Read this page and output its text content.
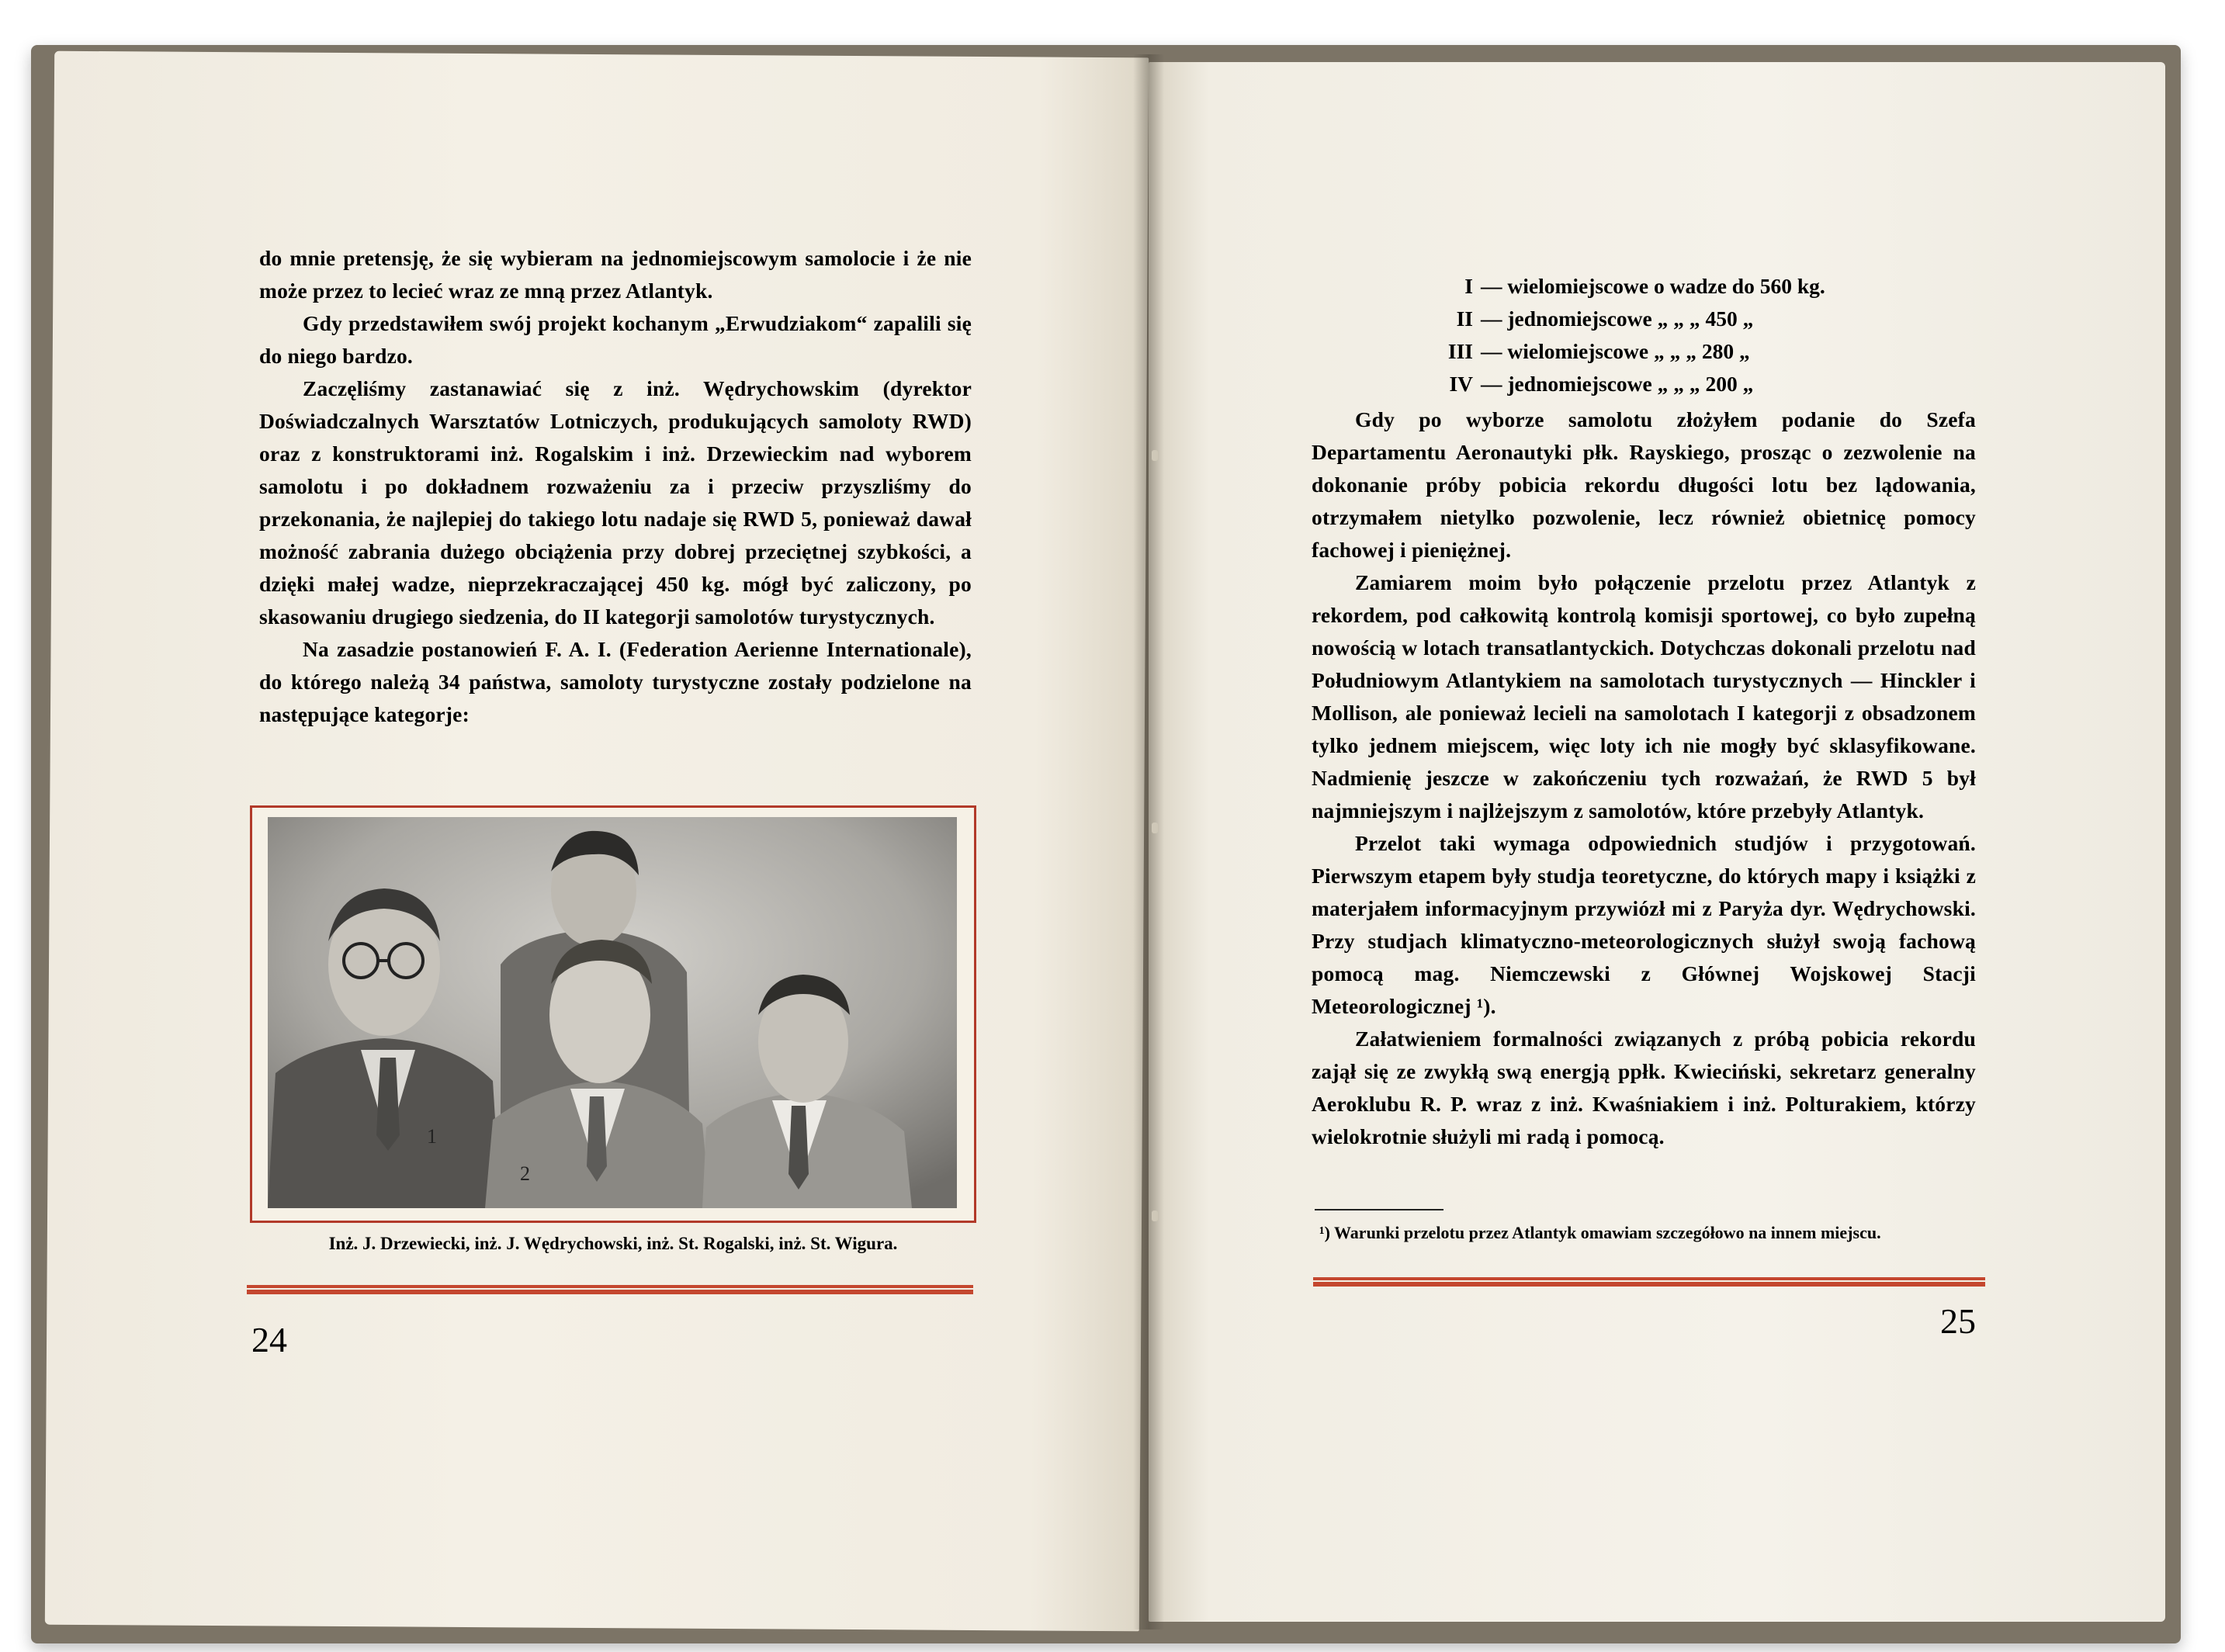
do mnie pretensję, że się wybieram na jednomiejscowym samolocie i że nie może przez to lecieć wraz ze mną przez Atlantyk.

Gdy przedstawiłem swój projekt kochanym „Erwudziakom“ zapalili się do niego bardzo.

Zaczęliśmy zastanawiać się z inż. Wędrychowskim (dyrektor Doświadczalnych Warsztatów Lotniczych, produkujących samoloty RWD) oraz z konstruktorami inż. Rogalskim i inż. Drzewieckim nad wyborem samolotu i po dokładnem rozważeniu za i przeciw przyszliśmy do przekonania, że najlepiej do takiego lotu nadaje się RWD 5, ponieważ dawał możność zabrania dużego obciążenia przy dobrej przeciętnej szybkości, a dzięki małej wadze, nieprzekraczającej 450 kg. mógł być zaliczony, po skasowaniu drugiego siedzenia, do II kategorji samolotów turystycznych.

Na zasadzie postanowień F. A. I. (Federation Aerienne Internationale), do którego należą 34 państwa, samoloty turystyczne zostały podzielone na następujące kategorje:

1
2
Inż. J. Drzewiecki, inż. J. Wędrychowski, inż. St. Rogalski, inż. St. Wigura.
24
I — wielomiejscowe o wadze do 560 kg.
II — jednomiejscowe „ „ „ 450 „
III — wielomiejscowe „ „ „ 280 „
IV — jednomiejscowe „ „ „ 200 „

Gdy po wyborze samolotu złożyłem podanie do Szefa Departamentu Aeronautyki płk. Rayskiego, prosząc o zezwolenie na dokonanie próby pobicia rekordu długości lotu bez lądowania, otrzymałem nietylko pozwolenie, lecz również obietnicę pomocy fachowej i pieniężnej.

Zamiarem moim było połączenie przelotu przez Atlantyk z rekordem, pod całkowitą kontrolą komisji sportowej, co było zupełną nowością w lotach transatlantyckich. Dotychczas dokonali przelotu nad Południowym Atlantykiem na samolotach turystycznych — Hinckler i Mollison, ale ponieważ lecieli na samolotach I kategorji z obsadzonem tylko jednem miejscem, więc loty ich nie mogły być sklasyfikowane. Nadmienię jeszcze w zakończeniu tych rozważań, że RWD 5 był najmniejszym i najlżejszym z samolotów, które przebyły Atlantyk.

Przelot taki wymaga odpowiednich studjów i przygotowań. Pierwszym etapem były studja teoretyczne, do których mapy i książki z materjałem informacyjnym przywiózł mi z Paryża dyr. Wędrychowski. Przy studjach klimatyczno-meteorologicznych służył swoją fachową pomocą mag. Niemczewski z Głównej Wojskowej Stacji Meteorologicznej ¹).

Załatwieniem formalności związanych z próbą pobicia rekordu zajął się ze zwykłą swą energją ppłk. Kwieciński, sekretarz generalny Aeroklubu R. P. wraz z inż. Kwaśniakiem i inż. Polturakiem, którzy wielokrotnie służyli mi radą i pomocą.

¹) Warunki przelotu przez Atlantyk omawiam szczegółowo na innem miejscu.
25
